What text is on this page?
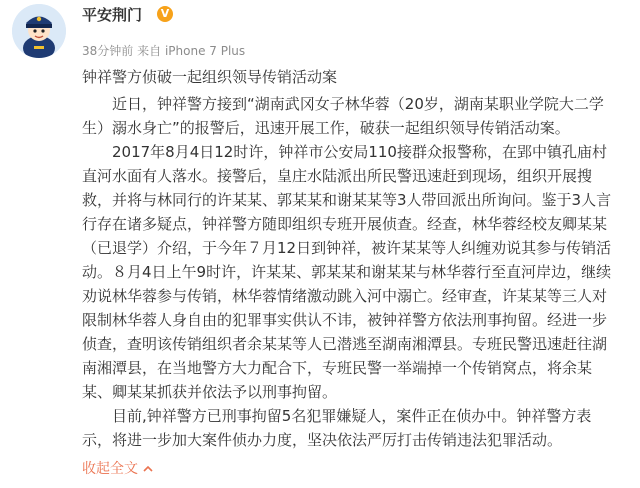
平安荆门	V
38分钟前 来自 iPhone 7 Plus
钟祥警方侦破一起组织领导传销活动案

近日，钟祥警方接到“湖南武冈女子林华蓉（20岁，湖南某职业学院大二学生）溺水身亡”的报警后，迅速开展工作，破获一起组织领导传销活动案。

2017年8月4日12时许，钟祥市公安局110接群众报警称，在郢中镇孔庙村直河水面有人落水。接警后，皇庄水陆派出所民警迅速赶到现场，组织开展搜救，并将与林同行的许某某、郭某某和谢某某等3人带回派出所询问。鉴于3人言行存在诸多疑点，钟祥警方随即组织专班开展侦查。经查，林华蓉经校友卿某某（已退学）介绍，于今年７月12日到钟祥，被许某某等人纠缠劝说其参与传销活动。８月4日上午9时许，许某某、郭某某和谢某某与林华蓉行至直河岸边，继续劝说林华蓉参与传销，林华蓉情绪激动跳入河中溺亡。经审查，许某某等三人对限制林华蓉人身自由的犯罪事实供认不讳，被钟祥警方依法刑事拘留。经进一步侦查，查明该传销组织者余某某等人已潜逃至湖南湘潭县。专班民警迅速赶往湖南湘潭县，在当地警方大力配合下，专班民警一举端掉一个传销窝点，将余某某、卿某某抓获并依法予以刑事拘留。

目前,钟祥警方已刑事拘留5名犯罪嫌疑人，案件正在侦办中。钟祥警方表示，将进一步加大案件侦办力度，坚决依法严厉打击传销违法犯罪活动。

收起全文
